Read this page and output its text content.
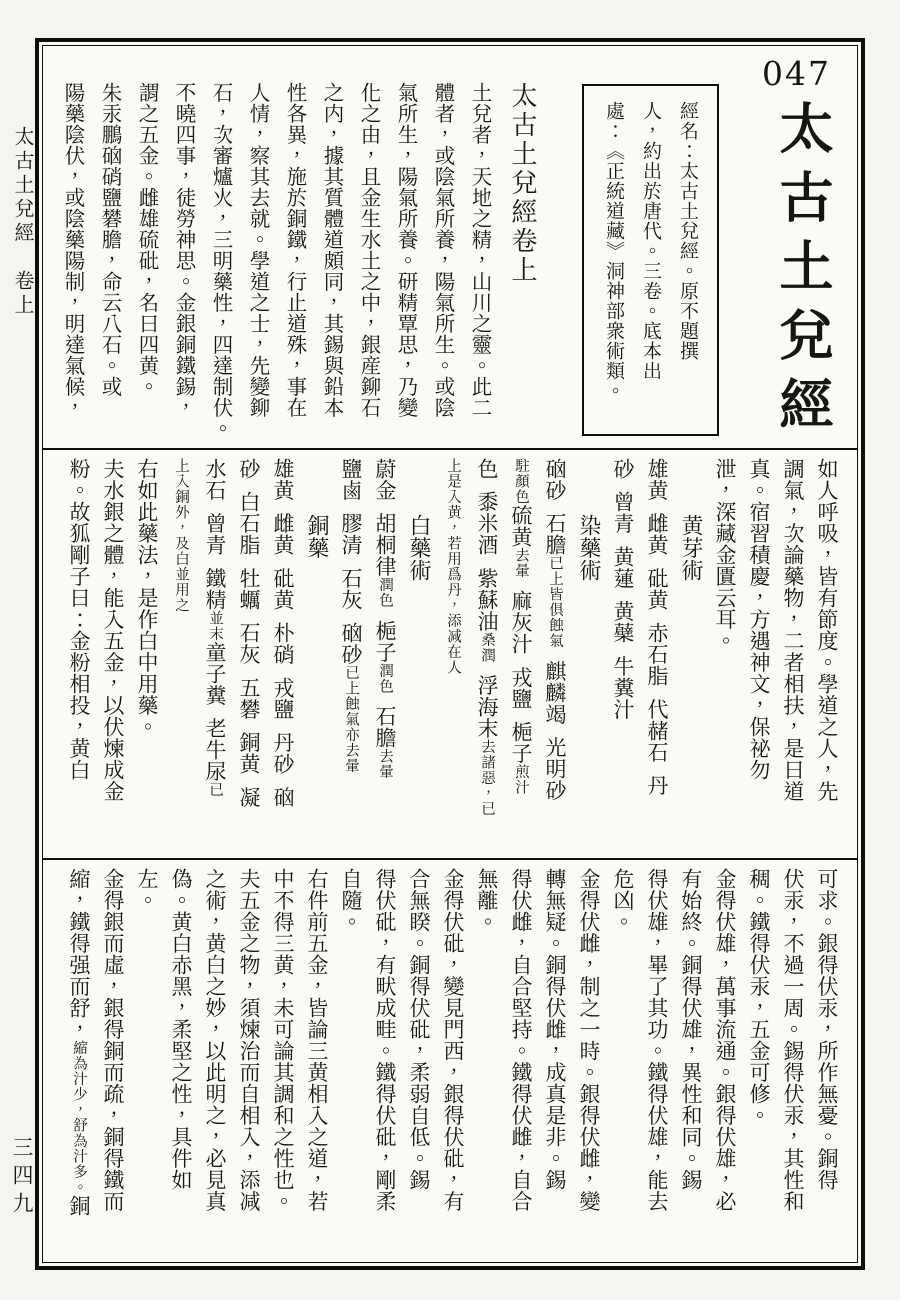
太古土兌經　卷上
三四九
047
太古土兌經
經名：太古土兌經。原不題撰
人，約出於唐代。三卷。底本出
處：《正統道藏》洞神部衆術類。
太古土兌經卷上
土兌者，天地之精，山川之靈。此二
體者，或陰氣所養，陽氣所生。或陰
氣所生，陽氣所養。研精覃思，乃變
化之由，且金生水土之中，銀産鉚石
之内，據其質體道頗同，其錫與鉛本
性各異，施於銅鐵，行止道殊，事在
人情，察其去就。學道之士，先變鉚
石，次審爐火，三明藥性，四達制伏。
不曉四事，徒勞神思。金銀銅鐵錫，
謂之五金。雌雄硫砒，名曰四黄。
朱汞鵬硇硝鹽礬膽，命云八石。或
陽藥陰伏，或陰藥陽制，明達氣候，
如人呼吸，皆有節度。學道之人，先
調氣，次論藥物，二者相扶，是曰道
真。宿習積慶，方遇神文，保祕勿
泄，深藏金匱云耳。
黄芽術
雄黄 雌黄 砒黄 赤石脂 代赭石 丹
砂 曾青 黄蓮 黄蘗 牛糞汁
染藥術
硇砂 石膽已上皆俱蝕氣 麒麟竭 光明砂
駐顏色硫黄去暈 麻灰汁 戎鹽 梔子煎汁
色 黍米酒 紫蘇油桑潤 浮海末去諸惡，已
上是入黄，若用爲丹，添减在人
白藥術
蔚金 胡桐律潤色 梔子潤色 石膽去暈
鹽鹵 膠清 石灰 硇砂已上蝕氣亦去暈
銅藥
雄黄 雌黄 砒黄 朴硝 戎鹽 丹砂 硇
砂 白石脂 牡蠣 石灰 五礬 銅黄 凝
水石 曾青 鐵精並末童子糞 老牛尿已
上入銅外，及白並用之
右如此藥法，是作白中用藥。
夫水銀之體，能入五金，以伏煉成金
粉。故狐剛子曰：金粉相投，黄白
可求。銀得伏汞，所作無憂。銅得
伏汞，不過一周。錫得伏汞，其性和
稠。鐵得伏汞，五金可修。
金得伏雄，萬事流通。銀得伏雄，必
有始終。銅得伏雄，異性和同。錫
得伏雄，畢了其功。鐵得伏雄，能去
危凶。
金得伏雌，制之一時。銀得伏雌，變
轉無疑。銅得伏雌，成真是非。錫
得伏雌，自合堅持。鐵得伏雌，自合
無離。
金得伏砒，變見門西，銀得伏砒，有
合無睽。銅得伏砒，柔弱自低。錫
得伏砒，有畎成畦。鐵得伏砒，剛柔
自隨。
右件前五金，皆論三黄相入之道，若
中不得三黄，未可論其調和之性也。
夫五金之物，須煉治而自相入，添减
之術，黄白之妙，以此明之，必見真
偽。黄白赤黑，柔堅之性，具件如
左。
金得銀而虛，銀得銅而疏，銅得鐵而
縮，鐵得强而舒，縮為汁少，舒為汁多。銅
